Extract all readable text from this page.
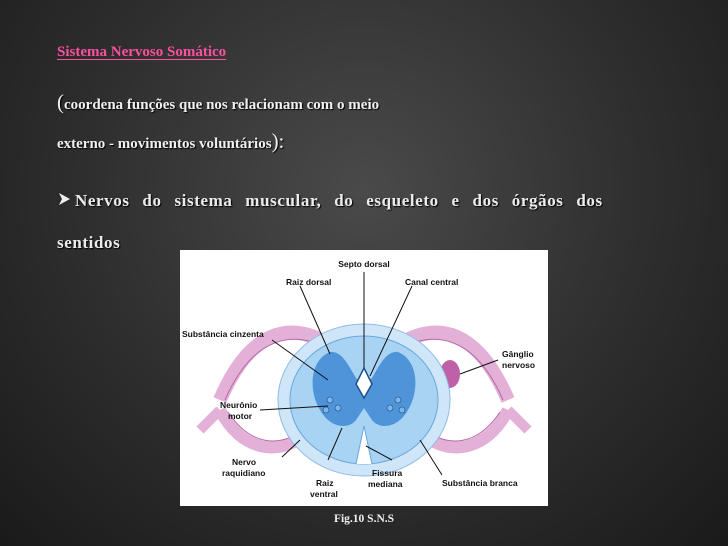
Sistema Nervoso Somático
(coordena funções que nos relacionam com o meio
externo - movimentos voluntários):
Nervos do sistema muscular, do esqueleto e dos órgãos dos
sentidos
Septo dorsal
Raiz dorsal	Canal central
Substância cinzenta
Gânglio
nervoso
Neurônio
motor
Nervo
raquidiano
Raiz
ventral
Fissura
mediana	Substância branca
Fig.10 S.N.S
